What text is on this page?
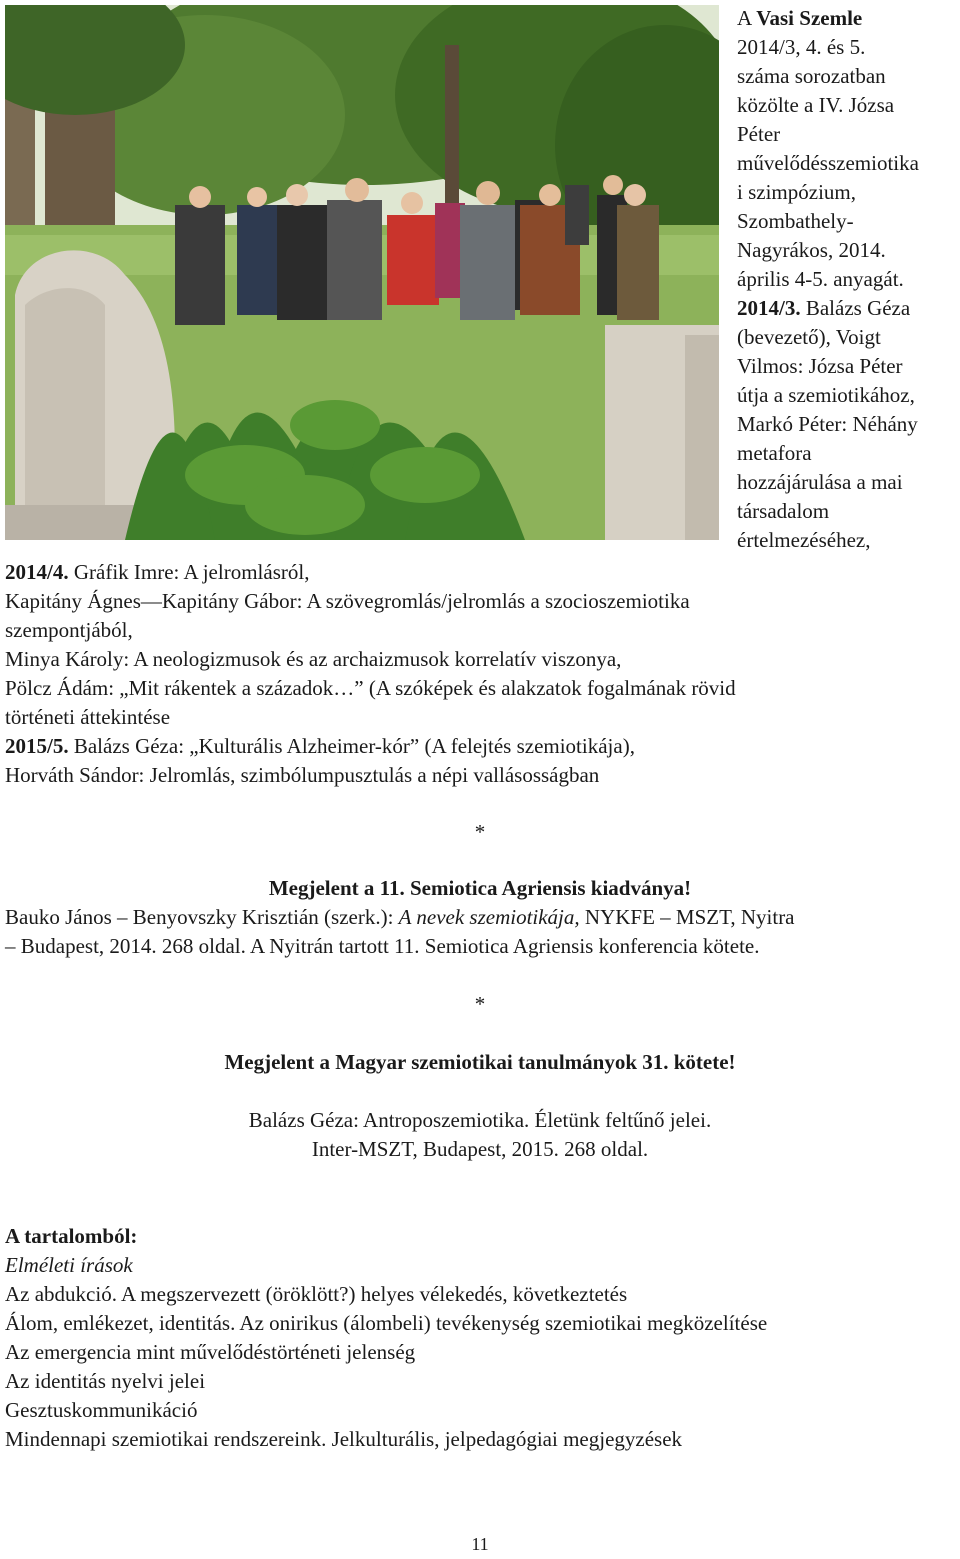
A Vasi Szemle
2014/3, 4. és 5.
száma sorozatban
közölte a IV. Józsa
Péter
művelődésszemiotika
i szimpózium,
Szombathely-
Nagyrákos, 2014.
április 4-5. anyagát.
2014/3. Balázs Géza
(bevezető), Voigt
Vilmos: Józsa Péter
útja a szemiotikához,
Markó Péter: Néhány
metafora
hozzájárulása a mai
társadalom
értelmezéséhez,
2014/4. Gráfik Imre: A jelromlásról,
Kapitány Ágnes—Kapitány Gábor: A szövegromlás/jelromlás a szocioszemiotika
szempontjából,
Minya Károly: A neologizmusok és az archaizmusok korrelatív viszonya,
Pölcz Ádám: „Mit rákentek a századok…” (A szóképek és alakzatok fogalmának rövid
történeti áttekintése
2015/5. Balázs Géza: „Kulturális Alzheimer-kór” (A felejtés szemiotikája),
Horváth Sándor: Jelromlás, szimbólumpusztulás a népi vallásosságban
*
Megjelent a 11. Semiotica Agriensis kiadványa!
Bauko János – Benyovszky Krisztián (szerk.): A nevek szemiotikája, NYKFE – MSZT, Nyitra
– Budapest, 2014. 268 oldal. A Nyitrán tartott 11. Semiotica Agriensis konferencia kötete.
*
Megjelent a Magyar szemiotikai tanulmányok 31. kötete!
Balázs Géza: Antroposzemiotika. Életünk feltűnő jelei.
Inter-MSZT, Budapest, 2015. 268 oldal.
A tartalomból:
Elméleti írások
Az abdukció. A megszervezett (öröklött?) helyes vélekedés, következtetés
Álom, emlékezet, identitás. Az onirikus (álombeli) tevékenység szemiotikai megközelítése
Az emergencia mint művelődéstörténeti jelenség
Az identitás nyelvi jelei
Gesztuskommunikáció
Mindennapi szemiotikai rendszereink. Jelkulturális, jelpedagógiai megjegyzések
11
